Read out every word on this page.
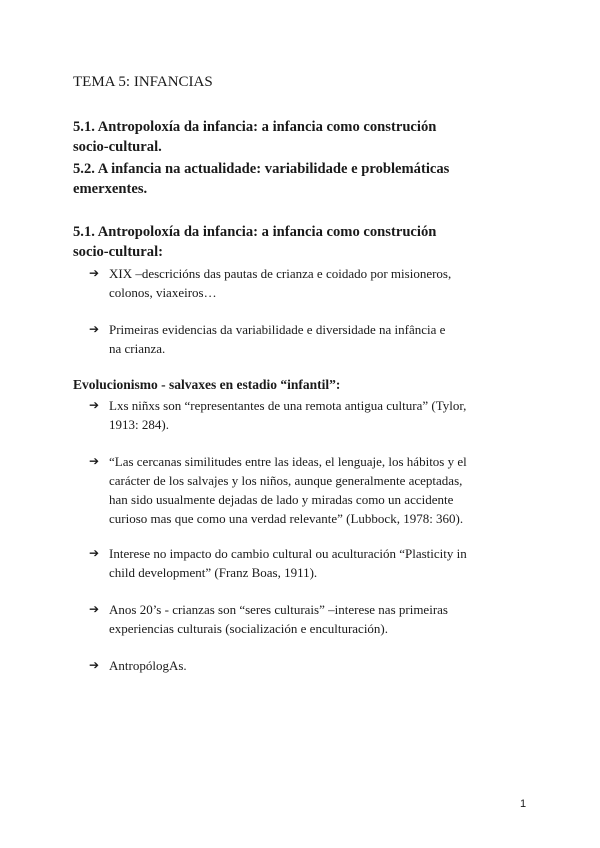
TEMA 5: INFANCIAS
5.1. Antropoloxía da infancia: a infancia como construción
socio-cultural.
5.2. A infancia na actualidade: variabilidade e problemáticas
emerxentes.
5.1. Antropoloxía da infancia: a infancia como construción
socio-cultural:
➔ XIX –descricións das pautas de crianza e coidado por misioneros,
colonos, viaxeiros…
➔ Primeiras evidencias da variabilidade e diversidade na infância e
na crianza.
Evolucionismo - salvaxes en estadio “infantil”:
➔ Lxs niñxs son “representantes de una remota antigua cultura” (Tylor,
1913: 284).
➔ “Las cercanas similitudes entre las ideas, el lenguaje, los hábitos y el
carácter de los salvajes y los niños, aunque generalmente aceptadas,
han sido usualmente dejadas de lado y miradas como un accidente
curioso mas que como una verdad relevante” (Lubbock, 1978: 360).
➔ Interese no impacto do cambio cultural ou aculturación “Plasticity in
child development” (Franz Boas, 1911).
➔ Anos 20’s - crianzas son “seres culturais” –interese nas primeiras
experiencias culturais (socialización e enculturación).
➔ AntropólogAs.
1
